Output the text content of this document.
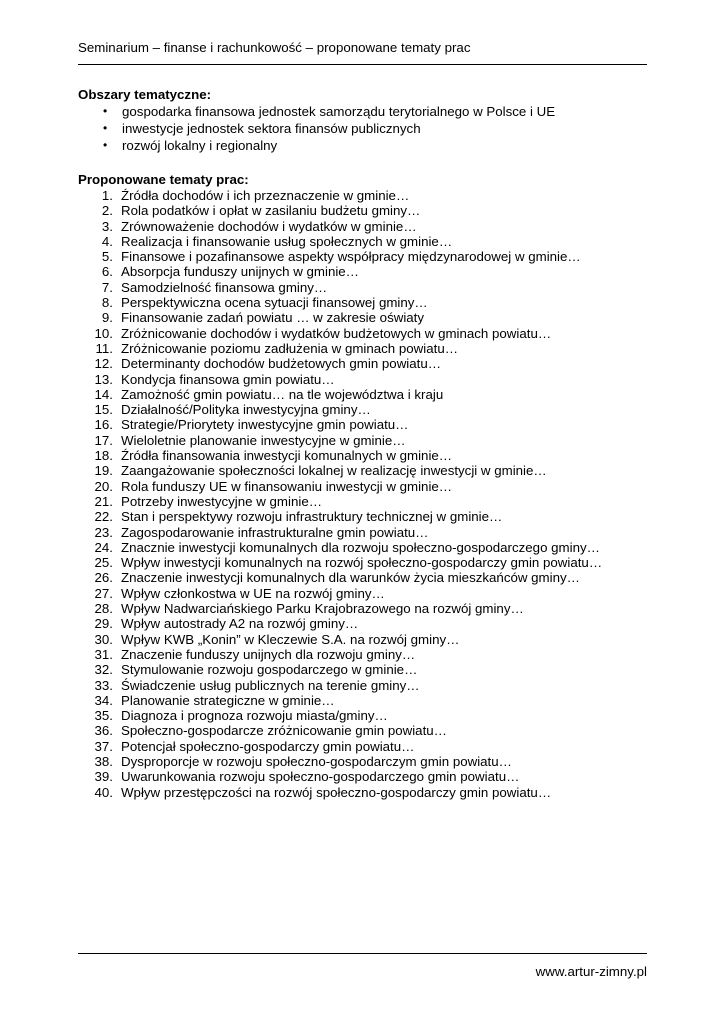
Seminarium – finanse i rachunkowość – proponowane tematy prac
Obszary tematyczne:
• gospodarka finansowa jednostek samorządu terytorialnego w Polsce i UE
• inwestycje jednostek sektora finansów publicznych
• rozwój lokalny i regionalny
Proponowane tematy prac:
1. Źródła dochodów i ich przeznaczenie w gminie…
2. Rola podatków i opłat w zasilaniu budżetu gminy…
3. Zrównoważenie dochodów i wydatków w gminie…
4. Realizacja i finansowanie usług społecznych w gminie…
5. Finansowe i pozafinansowe aspekty współpracy międzynarodowej w gminie…
6. Absorpcja funduszy unijnych w gminie…
7. Samodzielność finansowa gminy…
8. Perspektywiczna ocena sytuacji finansowej gminy…
9. Finansowanie zadań powiatu … w zakresie oświaty
10. Zróżnicowanie dochodów i wydatków budżetowych w gminach powiatu…
11. Zróżnicowanie poziomu zadłużenia w gminach powiatu…
12. Determinanty dochodów budżetowych gmin powiatu…
13. Kondycja finansowa gmin powiatu…
14. Zamożność gmin powiatu… na tle województwa i kraju
15. Działalność/Polityka inwestycyjna gminy…
16. Strategie/Priorytety inwestycyjne gmin powiatu…
17. Wieloletnie planowanie inwestycyjne w gminie…
18. Źródła finansowania inwestycji komunalnych w gminie…
19. Zaangażowanie społeczności lokalnej w realizację inwestycji w gminie…
20. Rola funduszy UE w finansowaniu inwestycji w gminie…
21. Potrzeby inwestycyjne w gminie…
22. Stan i perspektywy rozwoju infrastruktury technicznej w gminie…
23. Zagospodarowanie infrastrukturalne gmin powiatu…
24. Znacznie inwestycji komunalnych dla rozwoju społeczno-gospodarczego gminy…
25. Wpływ inwestycji komunalnych na rozwój społeczno-gospodarczy gmin powiatu…
26. Znaczenie inwestycji komunalnych dla warunków życia mieszkańców gminy…
27. Wpływ członkostwa w UE na rozwój gminy…
28. Wpływ Nadwarciańskiego Parku Krajobrazowego na rozwój gminy…
29. Wpływ autostrady A2 na rozwój gminy…
30. Wpływ KWB „Konin” w Kleczewie S.A. na rozwój gminy…
31. Znaczenie funduszy unijnych dla rozwoju gminy…
32. Stymulowanie rozwoju gospodarczego w gminie…
33. Świadczenie usług publicznych na terenie gminy…
34. Planowanie strategiczne w gminie…
35. Diagnoza i prognoza rozwoju miasta/gminy…
36. Społeczno-gospodarcze zróżnicowanie gmin powiatu…
37. Potencjał społeczno-gospodarczy gmin powiatu…
38. Dysproporcje w rozwoju społeczno-gospodarczym gmin powiatu…
39. Uwarunkowania rozwoju społeczno-gospodarczego gmin powiatu…
40. Wpływ przestępczości na rozwój społeczno-gospodarczy gmin powiatu…
www.artur-zimny.pl
